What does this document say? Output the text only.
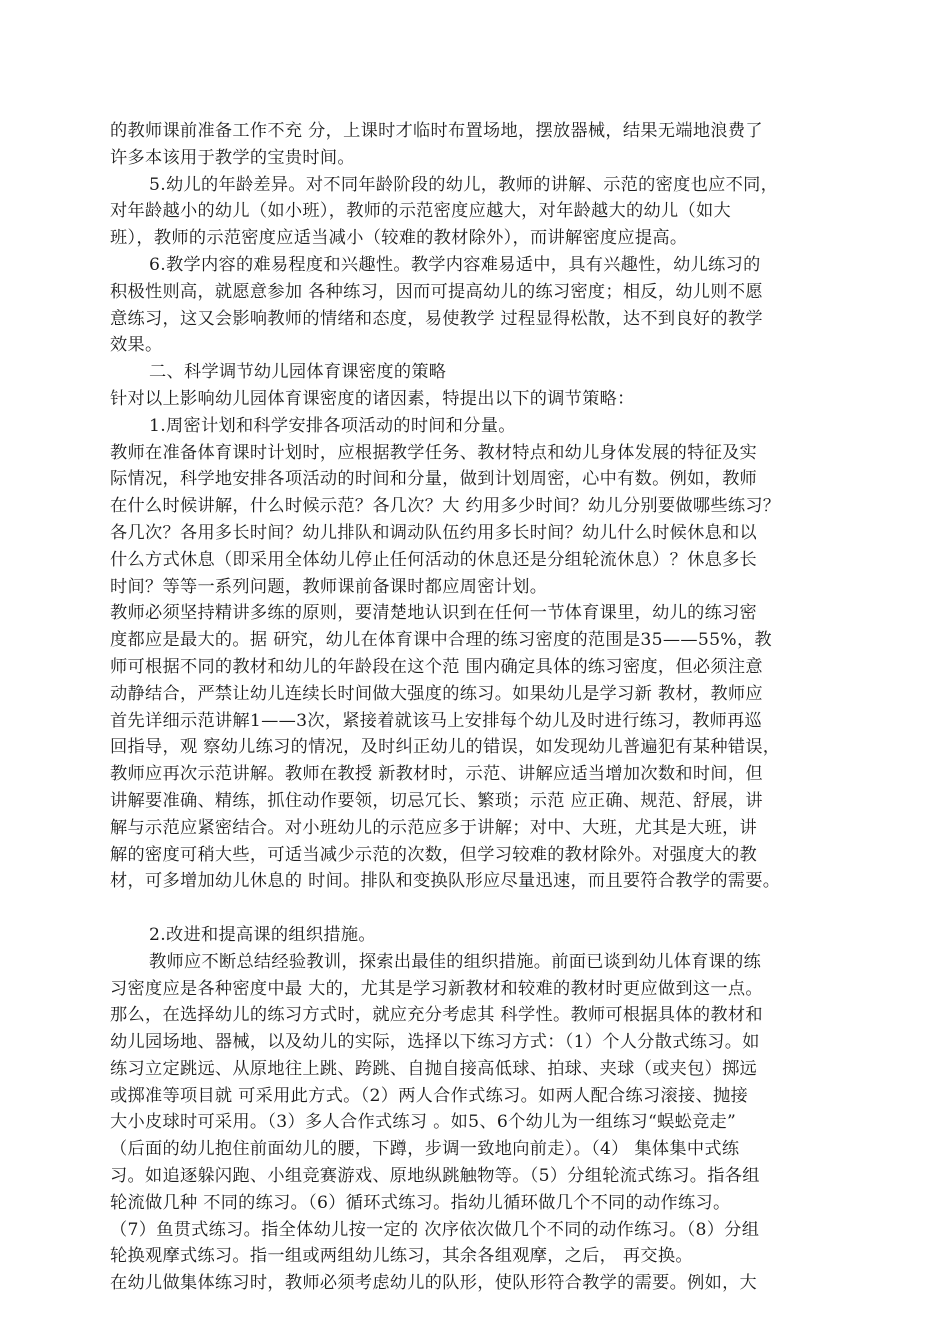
的教师课前准备工作不充 分，上课时才临时布置场地，摆放器械，结果无端地浪费了
许多本该用于教学的宝贵时间。
5.幼儿的年龄差异。对不同年龄阶段的幼儿，教师的讲解、示范的密度也应不同，
对年龄越小的幼儿（如小班），教师的示范密度应越大，对年龄越大的幼儿（如大
班），教师的示范密度应适当减小（较难的教材除外），而讲解密度应提高。
6.教学内容的难易程度和兴趣性。教学内容难易适中，具有兴趣性，幼儿练习的
积极性则高，就愿意参加 各种练习，因而可提高幼儿的练习密度；相反，幼儿则不愿
意练习，这又会影响教师的情绪和态度，易使教学 过程显得松散，达不到良好的教学
效果。
二、科学调节幼儿园体育课密度的策略
针对以上影响幼儿园体育课密度的诸因素，特提出以下的调节策略：
1.周密计划和科学安排各项活动的时间和分量。
教师在准备体育课时计划时，应根据教学任务、教材特点和幼儿身体发展的特征及实
际情况，科学地安排各项活动的时间和分量，做到计划周密，心中有数。例如，教师
在什么时候讲解，什么时候示范？各几次？大 约用多少时间？幼儿分别要做哪些练习？
各几次？各用多长时间？幼儿排队和调动队伍约用多长时间？幼儿什么时候休息和以
什么方式休息（即采用全体幼儿停止任何活动的休息还是分组轮流休息）？休息多长
时间？等等一系列问题，教师课前备课时都应周密计划。
教师必须坚持精讲多练的原则，要清楚地认识到在任何一节体育课里，幼儿的练习密
度都应是最大的。据 研究，幼儿在体育课中合理的练习密度的范围是35——55%，教
师可根据不同的教材和幼儿的年龄段在这个范 围内确定具体的练习密度，但必须注意
动静结合，严禁让幼儿连续长时间做大强度的练习。如果幼儿是学习新 教材，教师应
首先详细示范讲解1——3次，紧接着就该马上安排每个幼儿及时进行练习，教师再巡
回指导，观 察幼儿练习的情况，及时纠正幼儿的错误，如发现幼儿普遍犯有某种错误，
教师应再次示范讲解。教师在教授 新教材时，示范、讲解应适当增加次数和时间，但
讲解要准确、精练，抓住动作要领，切忌冗长、繁琐；示范 应正确、规范、舒展，讲
解与示范应紧密结合。对小班幼儿的示范应多于讲解；对中、大班，尤其是大班，讲
解的密度可稍大些，可适当减少示范的次数，但学习较难的教材除外。对强度大的教
材，可多增加幼儿休息的 时间。排队和变换队形应尽量迅速，而且要符合教学的需要。
2.改进和提高课的组织措施。
教师应不断总结经验教训，探索出最佳的组织措施。前面已谈到幼儿体育课的练
习密度应是各种密度中最 大的，尤其是学习新教材和较难的教材时更应做到这一点。
那么，在选择幼儿的练习方式时，就应充分考虑其 科学性。教师可根据具体的教材和
幼儿园场地、器械，以及幼儿的实际，选择以下练习方式：（1）个人分散式练习。如
练习立定跳远、从原地往上跳、跨跳、自抛自接高低球、拍球、夹球（或夹包）掷远
或掷准等项目就 可采用此方式。（2）两人合作式练习。如两人配合练习滚接、抛接
大小皮球时可采用。（3）多人合作式练习 。如5、6个幼儿为一组练习“蜈蚣竞走”
（后面的幼儿抱住前面幼儿的腰，下蹲，步调一致地向前走）。（4） 集体集中式练
习。如追逐躲闪跑、小组竞赛游戏、原地纵跳触物等。（5）分组轮流式练习。指各组
轮流做几种 不同的练习。（6）循环式练习。指幼儿循环做几个不同的动作练习。
（7）鱼贯式练习。指全体幼儿按一定的 次序依次做几个不同的动作练习。（8）分组
轮换观摩式练习。指一组或两组幼儿练习，其余各组观摩，之后， 再交换。
在幼儿做集体练习时，教师必须考虑幼儿的队形，使队形符合教学的需要。例如，大
